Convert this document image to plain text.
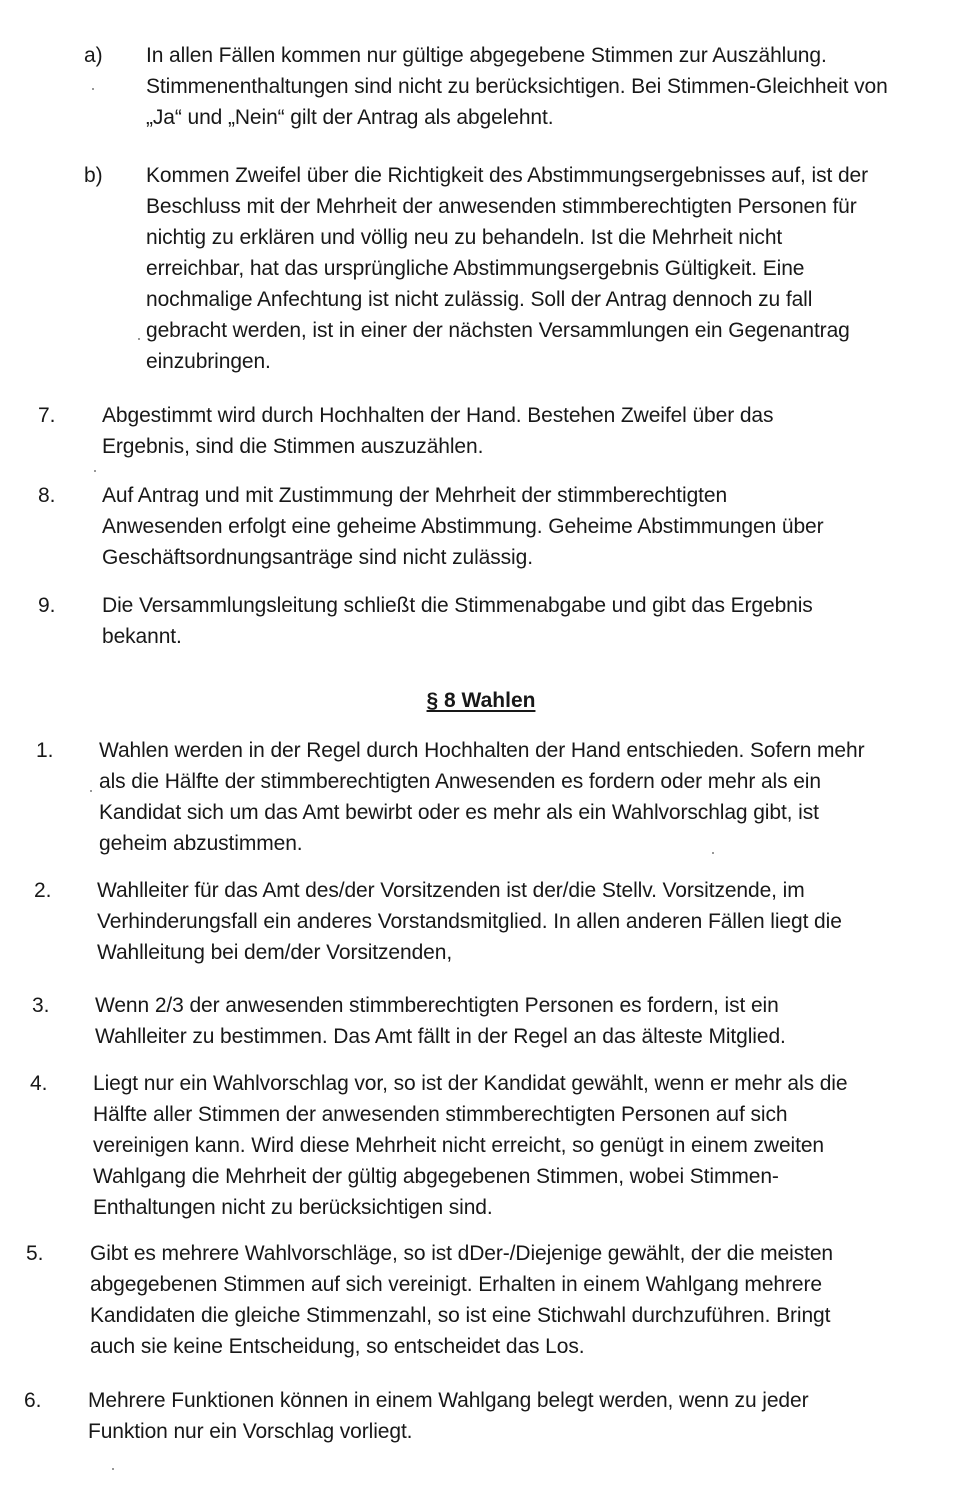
a) In allen Fällen kommen nur gültige abgegebene Stimmen zur Auszählung. Stimmenenthaltungen sind nicht zu berücksichtigen. Bei Stimmen-Gleichheit von „Ja“ und „Nein“ gilt der Antrag als abgelehnt.
b) Kommen Zweifel über die Richtigkeit des Abstimmungsergebnisses auf, ist der Beschluss mit der Mehrheit der anwesenden stimmberechtigten Personen für nichtig zu erklären und völlig neu zu behandeln. Ist die Mehrheit nicht erreichbar, hat das ursprüngliche Abstimmungsergebnis Gültigkeit. Eine nochmalige Anfechtung ist nicht zulässig. Soll der Antrag dennoch zu fall gebracht werden, ist in einer der nächsten Versammlungen ein Gegenantrag einzubringen.
7. Abgestimmt wird durch Hochhalten der Hand. Bestehen Zweifel über das Ergebnis, sind die Stimmen auszuzählen.
8. Auf Antrag und mit Zustimmung der Mehrheit der stimmberechtigten Anwesenden erfolgt eine geheime Abstimmung. Geheime Abstimmungen über Geschäftsordnungsanträge sind nicht zulässig.
9. Die Versammlungsleitung schließt die Stimmenabgabe und gibt das Ergebnis bekannt.
§ 8 Wahlen
1. Wahlen werden in der Regel durch Hochhalten der Hand entschieden. Sofern mehr als die Hälfte der stimmberechtigten Anwesenden es fordern oder mehr als ein Kandidat sich um das Amt bewirbt oder es mehr als ein Wahlvorschlag gibt, ist geheim abzustimmen.
2. Wahlleiter für das Amt des/der Vorsitzenden ist der/die Stellv. Vorsitzende, im Verhinderungsfall ein anderes Vorstandsmitglied. In allen anderen Fällen liegt die Wahlleitung bei dem/der Vorsitzenden,
3. Wenn 2/3 der anwesenden stimmberechtigten Personen es fordern, ist ein Wahlleiter zu bestimmen. Das Amt fällt in der Regel an das älteste Mitglied.
4. Liegt nur ein Wahlvorschlag vor, so ist der Kandidat gewählt, wenn er mehr als die Hälfte aller Stimmen der anwesenden stimmberechtigten Personen auf sich vereinigen kann. Wird diese Mehrheit nicht erreicht, so genügt in einem zweiten Wahlgang die Mehrheit der gültig abgegebenen Stimmen, wobei Stimmen-Enthaltungen nicht zu berücksichtigen sind.
5. Gibt es mehrere Wahlvorschläge, so ist dDer-/Diejenige gewählt, der die meisten abgegebenen Stimmen auf sich vereinigt. Erhalten in einem Wahlgang mehrere Kandidaten die gleiche Stimmenzahl, so ist eine Stichwahl durchzuführen. Bringt auch sie keine Entscheidung, so entscheidet das Los.
6. Mehrere Funktionen können in einem Wahlgang belegt werden, wenn zu jeder Funktion nur ein Vorschlag vorliegt.
